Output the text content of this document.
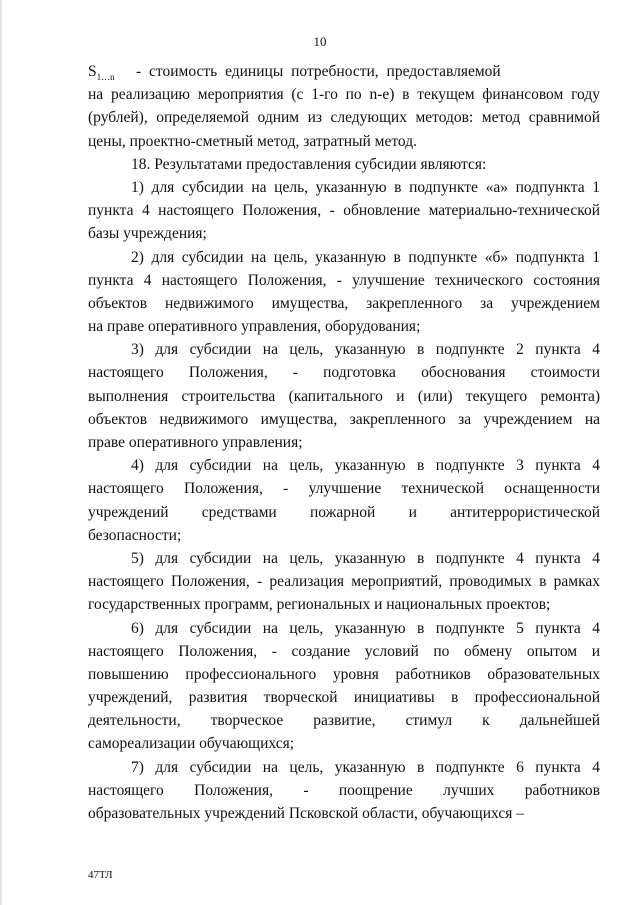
10
$S_{1\dots n}$ - стоимость единицы потребности, предоставляемой
на реализацию мероприятия (с 1-го по n-е) в текущем финансовом году
(рублей), определяемой одним из следующих методов: метод сравнимой
цены, проектно-сметный метод, затратный метод.
18. Результатами предоставления субсидии являются:
1) для субсидии на цель, указанную в подпункте «а» подпункта 1
пункта 4 настоящего Положения, - обновление материально-технической
базы учреждения;
2) для субсидии на цель, указанную в подпункте «б» подпункта 1
пункта 4 настоящего Положения, - улучшение технического состояния
объектов недвижимого имущества, закрепленного за учреждением
на праве оперативного управления, оборудования;
3) для субсидии на цель, указанную в подпункте 2 пункта 4
настоящего Положения, - подготовка обоснования стоимости
выполнения строительства (капитального и (или) текущего ремонта)
объектов недвижимого имущества, закрепленного за учреждением на
праве оперативного управления;
4) для субсидии на цель, указанную в подпункте 3 пункта 4
настоящего Положения, - улучшение технической оснащенности
учреждений средствами пожарной и антитеррористической
безопасности;
5) для субсидии на цель, указанную в подпункте 4 пункта 4
настоящего Положения, - реализация мероприятий, проводимых в рамках
государственных программ, региональных и национальных проектов;
6) для субсидии на цель, указанную в подпункте 5 пункта 4
настоящего Положения, - создание условий по обмену опытом и
повышению профессионального уровня работников образовательных
учреждений, развития творческой инициативы в профессиональной
деятельности, творческое развитие, стимул к дальнейшей
самореализации обучающихся;
7) для субсидии на цель, указанную в подпункте 6 пункта 4
настоящего Положения, - поощрение лучших работников
образовательных учреждений Псковской области, обучающихся –
47ТЛ
